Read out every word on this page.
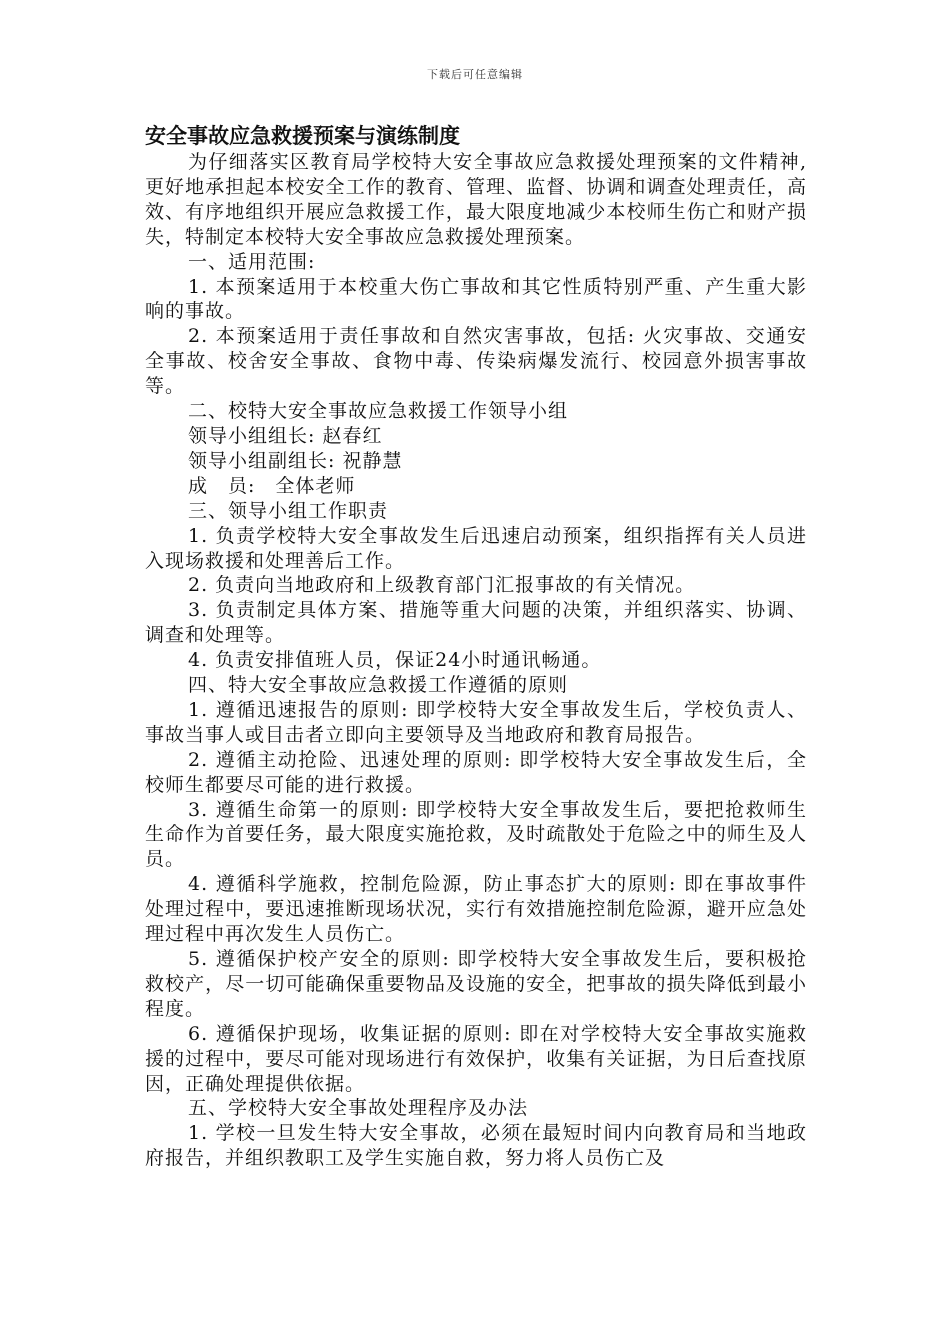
下载后可任意编辑
安全事故应急救援预案与演练制度

为仔细落实区教育局学校特大安全事故应急救援处理预案的文件精神,更好地承担起本校安全工作的教育、管理、监督、协调和调查处理责任，高效、有序地组织开展应急救援工作，最大限度地减少本校师生伤亡和财产损失，特制定本校特大安全事故应急救援处理预案。

一、适用范围:

1. 本预案适用于本校重大伤亡事故和其它性质特别严重、产生重大影响的事故。

2. 本预案适用于责任事故和自然灾害事故，包括: 火灾事故、交通安全事故、校舍安全事故、食物中毒、传染病爆发流行、校园意外损害事故等。

二、校特大安全事故应急救援工作领导小组

领导小组组长: 赵春红

领导小组副组长: 祝静慧

成　员:　全体老师

三、领导小组工作职责

1. 负责学校特大安全事故发生后迅速启动预案，组织指挥有关人员进入现场救援和处理善后工作。

2. 负责向当地政府和上级教育部门汇报事故的有关情况。

3. 负责制定具体方案、措施等重大问题的决策，并组织落实、协调、调查和处理等。

4. 负责安排值班人员，保证24小时通讯畅通。

四、特大安全事故应急救援工作遵循的原则

1. 遵循迅速报告的原则: 即学校特大安全事故发生后，学校负责人、事故当事人或目击者立即向主要领导及当地政府和教育局报告。

2. 遵循主动抢险、迅速处理的原则: 即学校特大安全事故发生后，全校师生都要尽可能的进行救援。

3. 遵循生命第一的原则: 即学校特大安全事故发生后，要把抢救师生生命作为首要任务，最大限度实施抢救，及时疏散处于危险之中的师生及人员。

4. 遵循科学施救，控制危险源，防止事态扩大的原则: 即在事故事件处理过程中，要迅速推断现场状况，实行有效措施控制危险源，避开应急处理过程中再次发生人员伤亡。

5. 遵循保护校产安全的原则: 即学校特大安全事故发生后，要积极抢救校产，尽一切可能确保重要物品及设施的安全，把事故的损失降低到最小程度。

6. 遵循保护现场，收集证据的原则: 即在对学校特大安全事故实施救援的过程中，要尽可能对现场进行有效保护，收集有关证据，为日后查找原因，正确处理提供依据。

五、学校特大安全事故处理程序及办法

1. 学校一旦发生特大安全事故，必须在最短时间内向教育局和当地政府报告，并组织教职工及学生实施自救，努力将人员伤亡及
